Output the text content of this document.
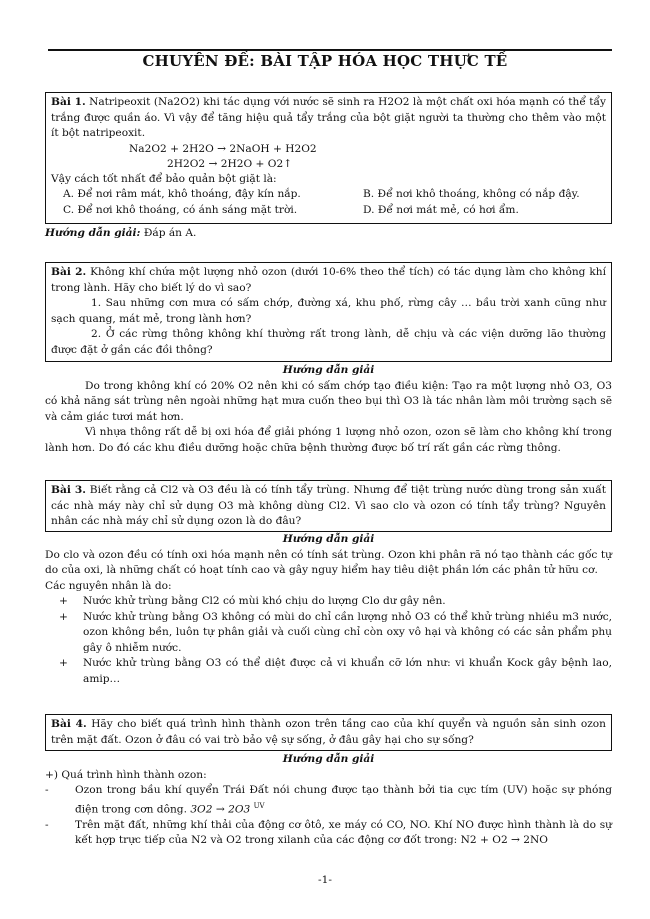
CHUYÊN ĐỀ: BÀI TẬP HÓA HỌC THỰC TẾ
Bài 1. Natripeoxit (Na2O2) khi tác dụng với nước sẽ sinh ra H2O2 là một chất oxi hóa mạnh có thể tẩy trắng được quần áo. Vì vậy để tăng hiệu quả tẩy trắng của bột giặt người ta thường cho thêm vào một ít bột natripeoxit.
Na2O2 + 2H2O → 2NaOH + H2O2
2H2O2 → 2H2O + O2↑
Vậy cách tốt nhất để bảo quản bột giặt là:
A. Để nơi râm mát, khô thoáng, đậy kín nắp.	B. Để nơi khô thoáng, không có nắp đậy.
C. Để nơi khô thoáng, có ánh sáng mặt trời.	D. Để nơi mát mẻ, có hơi ẩm.
Hướng dẫn giải: Đáp án A.
Bài 2. Không khí chứa một lượng nhỏ ozon (dưới 10-6% theo thể tích) có tác dụng làm cho không khí trong lành. Hãy cho biết lý do vì sao?
1. Sau những cơn mưa có sấm chớp, đường xá, khu phố, rừng cây … bầu trời xanh cũng như sạch quang, mát mẻ, trong lành hơn?
2. Ở các rừng thông không khí thường rất trong lành, dễ chịu và các viện dưỡng lão thường được đặt ở gần các đồi thông?
Hướng dẫn giải
Do trong không khí có 20% O2 nên khi có sấm chớp tạo điều kiện: Tạo ra một lượng nhỏ O3, O3 có khả năng sát trùng nên ngoài những hạt mưa cuốn theo bụi thì O3 là tác nhân làm môi trường sạch sẽ và cảm giác tươi mát hơn.
Vì nhựa thông rất dễ bị oxi hóa để giải phóng 1 lượng nhỏ ozon, ozon sẽ làm cho không khí trong lành hơn. Do đó các khu điều dưỡng hoặc chữa bệnh thường được bố trí rất gần các rừng thông.
Bài 3. Biết rằng cả Cl2 và O3 đều là có tính tẩy trùng. Nhưng để tiệt trùng nước dùng trong sản xuất các nhà máy này chỉ sử dụng O3 mà không dùng Cl2. Vì sao clo và ozon có tính tẩy trùng? Nguyên nhân các nhà máy chỉ sử dụng ozon là do đâu?
Hướng dẫn giải
Do clo và ozon đều có tính oxi hóa mạnh nên có tính sát trùng. Ozon khi phân rã nó tạo thành các gốc tự do của oxi, là những chất có hoạt tính cao và gây nguy hiểm hay tiêu diệt phần lớn các phân tử hữu cơ.
Các nguyên nhân là do:
+	Nước khử trùng bằng Cl2 có mùi khó chịu do lượng Clo dư gây nên.
+	Nước khử trùng bằng O3 không có mùi do chỉ cần lượng nhỏ O3 có thể khử trùng nhiều m3 nước, ozon không bền, luôn tự phân giải và cuối cùng chỉ còn oxy vô hại và không có các sản phẩm phụ gây ô nhiễm nước.
+	Nước khử trùng bằng O3 có thể diệt được cả vi khuẩn cỡ lớn như: vi khuẩn Kock gây bệnh lao, amip…
Bài 4. Hãy cho biết quá trình hình thành ozon trên tầng cao của khí quyển và nguồn sản sinh ozon trên mặt đất. Ozon ở đâu có vai trò bảo vệ sự sống, ở đâu gây hại cho sự sống?
Hướng dẫn giải
+) Quá trình hình thành ozon:
-	Ozon trong bầu khí quyển Trái Đất nói chung được tạo thành bởi tia cực tím (UV) hoặc sự phóng điện trong cơn dông. 3O2 → 2O3 $^{UV}$
-	Trên mặt đất, những khí thải của động cơ ôtô, xe máy có CO, NO. Khí NO được hình thành là do sự kết hợp trực tiếp của N2 và O2 trong xilanh của các động cơ đốt trong: N2 + O2 → 2NO
-1-
